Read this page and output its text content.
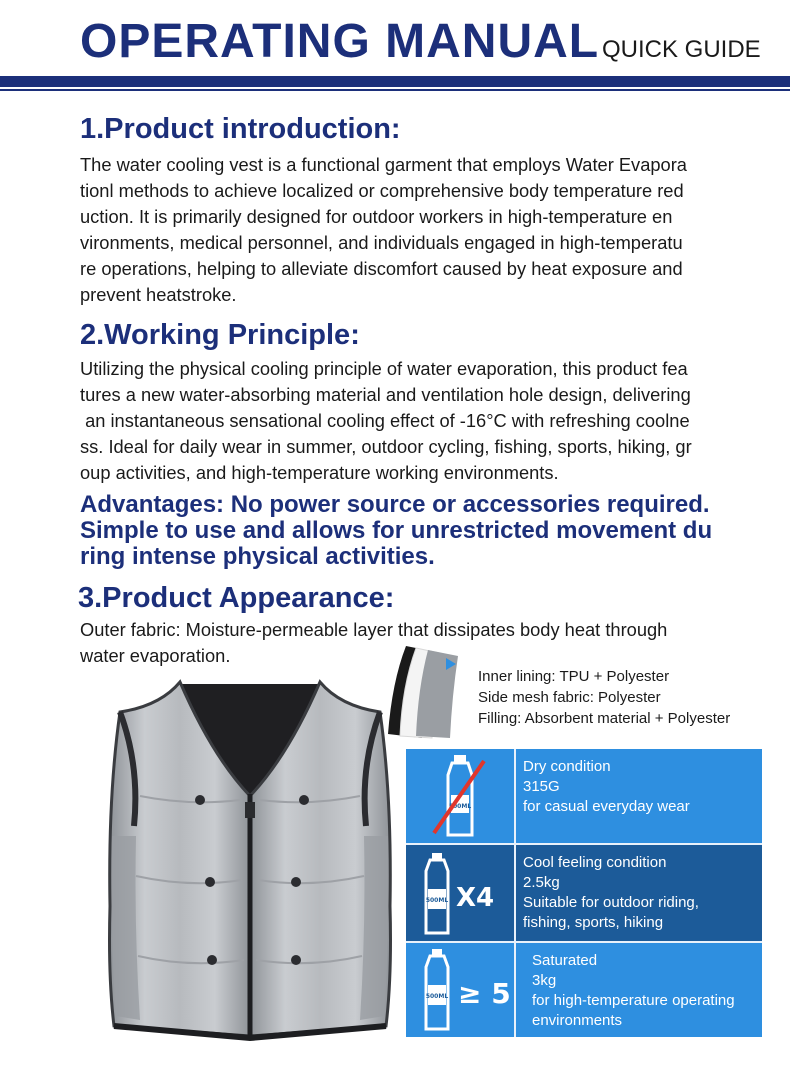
OPERATING MANUAL QUICK GUIDE
1.Product introduction:
The water cooling vest is a functional garment that employs Water Evapora
tionl methods to achieve localized or comprehensive body temperature red
uction. It is primarily designed for outdoor workers in high-temperature en
vironments, medical personnel, and individuals engaged in high-temperatu
re operations, helping to alleviate discomfort caused by heat exposure and
prevent heatstroke.
2.Working Principle:
Utilizing the physical cooling principle of water evaporation, this product fea
tures a new water-absorbing material and ventilation hole design, delivering
an instantaneous sensational cooling effect of -16°C with refreshing coolne
ss. Ideal for daily wear in summer, outdoor cycling, fishing, sports, hiking, gr
oup activities, and high-temperature working environments.
Advantages: No power source or accessories required.
Simple to use and allows for unrestricted movement du
ring intense physical activities.
3.Product Appearance:
Outer fabric: Moisture-permeable layer that dissipates body heat through
water evaporation.
Inner lining: TPU + Polyester
Side mesh fabric: Polyester
Filling: Absorbent material + Polyester
500ML
Dry condition
315G
for casual everyday wear
500ML X4
Cool feeling condition
2.5kg
Suitable for outdoor riding,
fishing, sports, hiking
500ML ≥ 5
Saturated
3kg
for high-temperature operating
environments
